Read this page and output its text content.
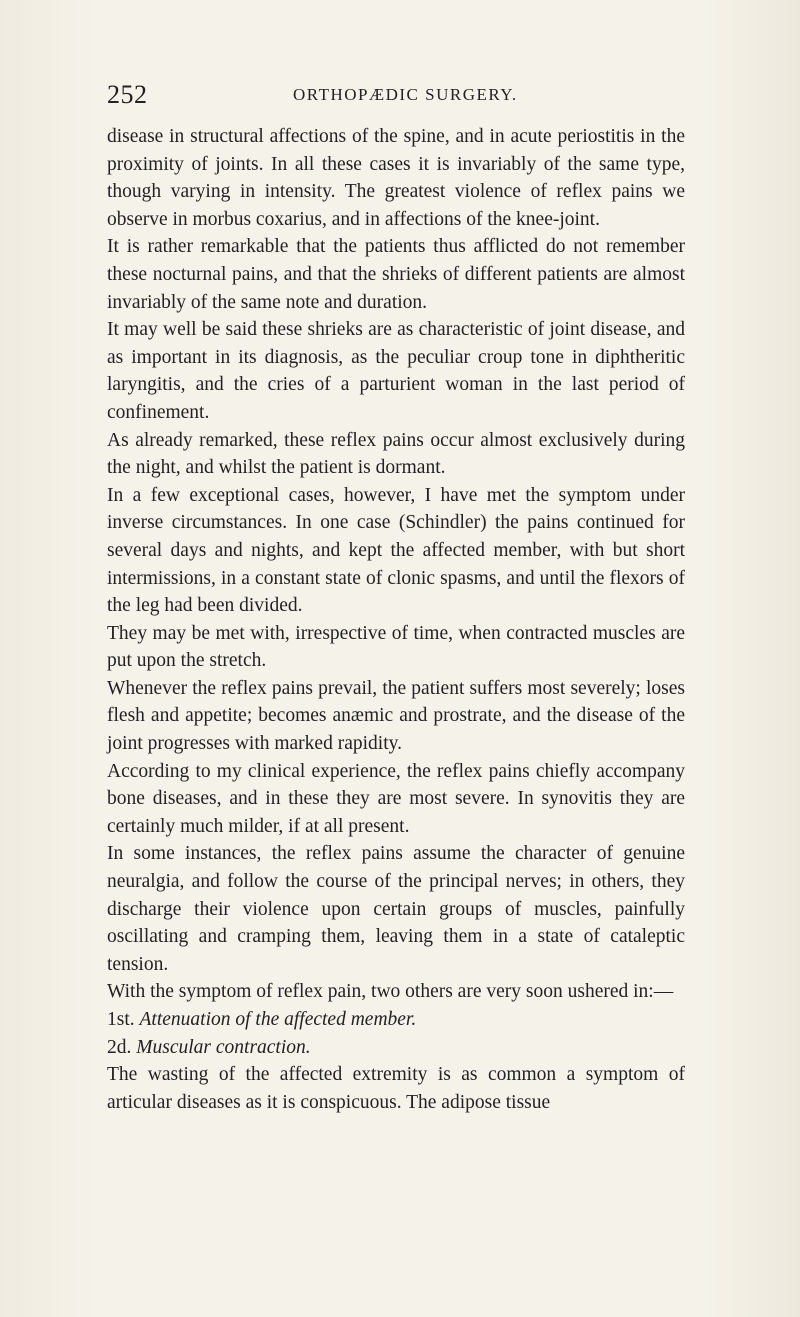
252	ORTHOPÆDIC SURGERY.

disease in structural affections of the spine, and in acute periostitis in the proximity of joints. In all these cases it is invariably of the same type, though varying in intensity. The greatest violence of reflex pains we observe in morbus coxarius, and in affections of the knee-joint.

It is rather remarkable that the patients thus afflicted do not remember these nocturnal pains, and that the shrieks of different patients are almost invariably of the same note and duration.

It may well be said these shrieks are as characteristic of joint disease, and as important in its diagnosis, as the peculiar croup tone in diphtheritic laryngitis, and the cries of a parturient woman in the last period of confinement.

As already remarked, these reflex pains occur almost exclusively during the night, and whilst the patient is dormant.

In a few exceptional cases, however, I have met the symptom under inverse circumstances. In one case (Schindler) the pains continued for several days and nights, and kept the affected member, with but short intermissions, in a constant state of clonic spasms, and until the flexors of the leg had been divided.

They may be met with, irrespective of time, when contracted muscles are put upon the stretch.

Whenever the reflex pains prevail, the patient suffers most severely; loses flesh and appetite; becomes anæmic and prostrate, and the disease of the joint progresses with marked rapidity.

According to my clinical experience, the reflex pains chiefly accompany bone diseases, and in these they are most severe. In synovitis they are certainly much milder, if at all present.

In some instances, the reflex pains assume the character of genuine neuralgia, and follow the course of the principal nerves; in others, they discharge their violence upon certain groups of muscles, painfully oscillating and cramping them, leaving them in a state of cataleptic tension.

With the symptom of reflex pain, two others are very soon ushered in:—

1st. Attenuation of the affected member.

2d. Muscular contraction.

The wasting of the affected extremity is as common a symptom of articular diseases as it is conspicuous. The adipose tissue
